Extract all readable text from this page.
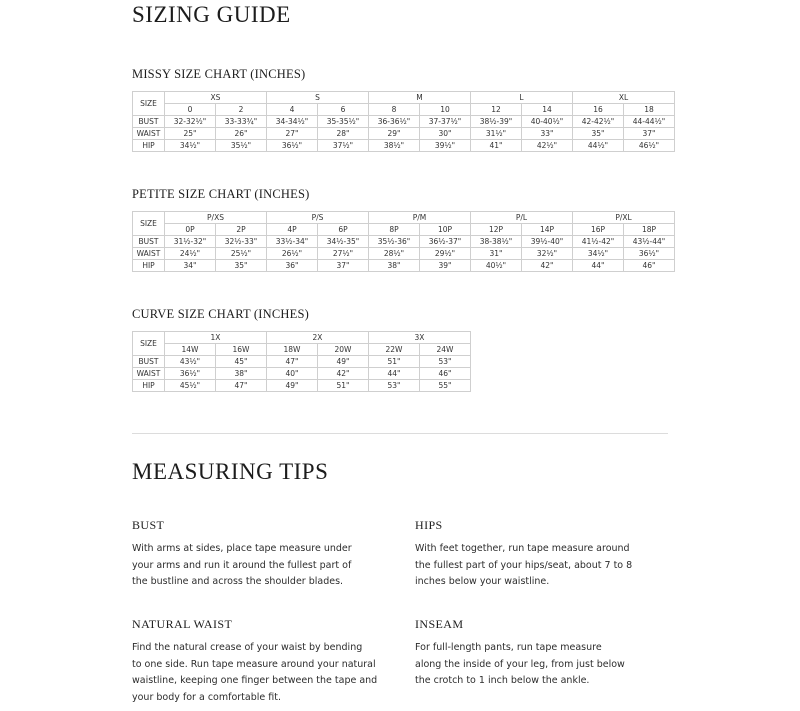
SIZING GUIDE
MISSY SIZE CHART (INCHES)
SIZE	XS		S		M		L		XL	
	0	2	4	6	8	10	12	14	16	18
BUST	32-32½"	33-33¾"	34-34½"	35-35½"	36-36½"	37-37½"	38½-39"	40-40½"	42-42½"	44-44½"
WAIST	25"	26"	27"	28"	29"	30"	31½"	33"	35"	37"
HIP	34½"	35½"	36½"	37½"	38½"	39½"	41"	42½"	44½"	46½"
PETITE SIZE CHART (INCHES)
SIZE	P/XS		P/S		P/M		P/L		P/XL	
	0P	2P	4P	6P	8P	10P	12P	14P	16P	18P
BUST	31½-32"	32½-33"	33½-34"	34½-35"	35½-36"	36½-37"	38-38½"	39½-40"	41½-42"	43½-44"
WAIST	24½"	25½"	26½"	27½"	28½"	29½"	31"	32½"	34½"	36½"
HIP	34"	35"	36"	37"	38"	39"	40½"	42"	44"	46"
CURVE SIZE CHART (INCHES)
SIZE	1X		2X		3X	
	14W	16W	18W	20W	22W	24W
BUST	43½"	45"	47"	49"	51"	53"
WAIST	36½"	38"	40"	42"	44"	46"
HIP	45½"	47"	49"	51"	53"	55"
MEASURING TIPS
BUST
With arms at sides, place tape measure under
your arms and run it around the fullest part of
the bustline and across the shoulder blades.
HIPS
With feet together, run tape measure around
the fullest part of your hips/seat, about 7 to 8
inches below your waistline.
NATURAL WAIST
Find the natural crease of your waist by bending
to one side. Run tape measure around your natural
waistline, keeping one finger between the tape and
your body for a comfortable fit.
INSEAM
For full-length pants, run tape measure
along the inside of your leg, from just below
the crotch to 1 inch below the ankle.
